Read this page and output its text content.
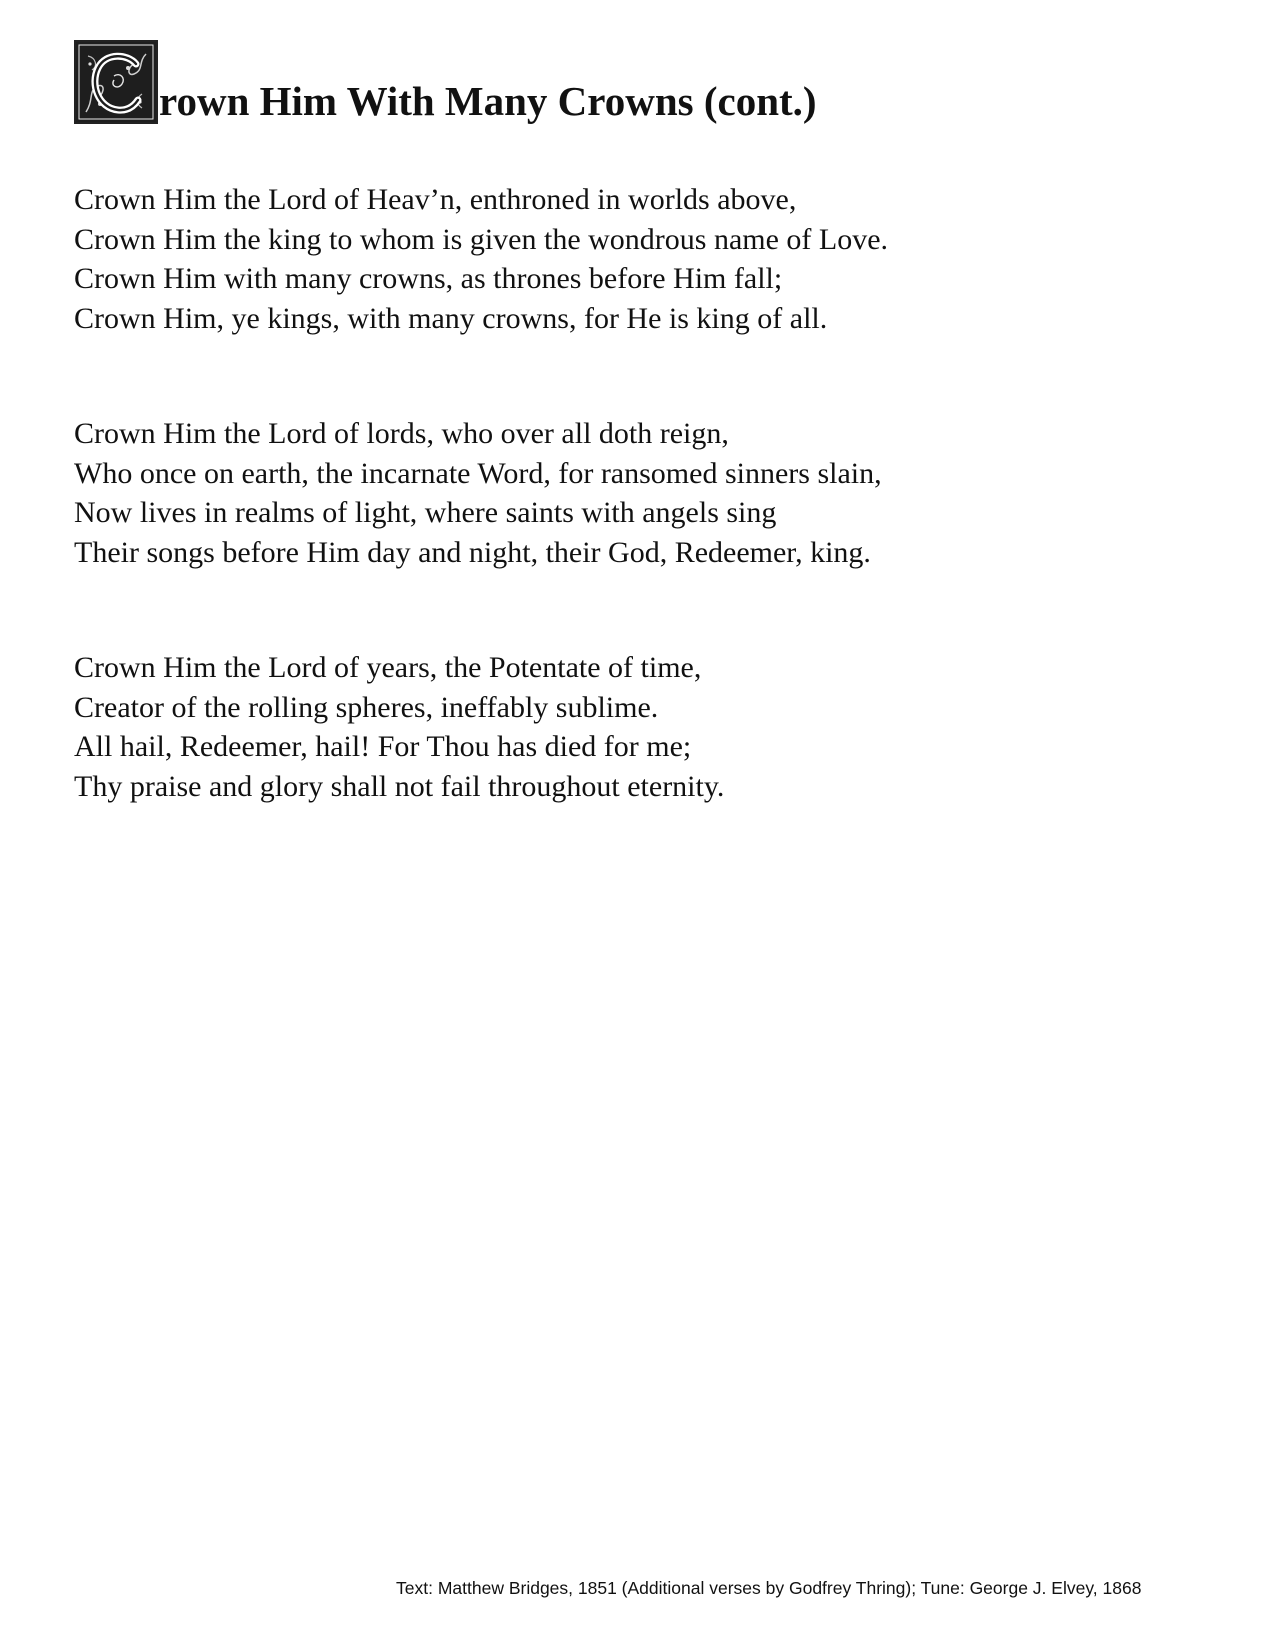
rown Him With Many Crowns (cont.)
Crown Him the Lord of Heav’n, enthroned in worlds above,
Crown Him the king to whom is given the wondrous name of Love.
Crown Him with many crowns, as thrones before Him fall;
Crown Him, ye kings, with many crowns, for He is king of all.
Crown Him the Lord of lords, who over all doth reign,
Who once on earth, the incarnate Word, for ransomed sinners slain,
Now lives in realms of light, where saints with angels sing
Their songs before Him day and night, their God, Redeemer, king.
Crown Him the Lord of years, the Potentate of time,
Creator of the rolling spheres, ineffably sublime.
All hail, Redeemer, hail! For Thou has died for me;
Thy praise and glory shall not fail throughout eternity.
Text: Matthew Bridges, 1851 (Additional verses by Godfrey Thring); Tune: George J. Elvey, 1868
